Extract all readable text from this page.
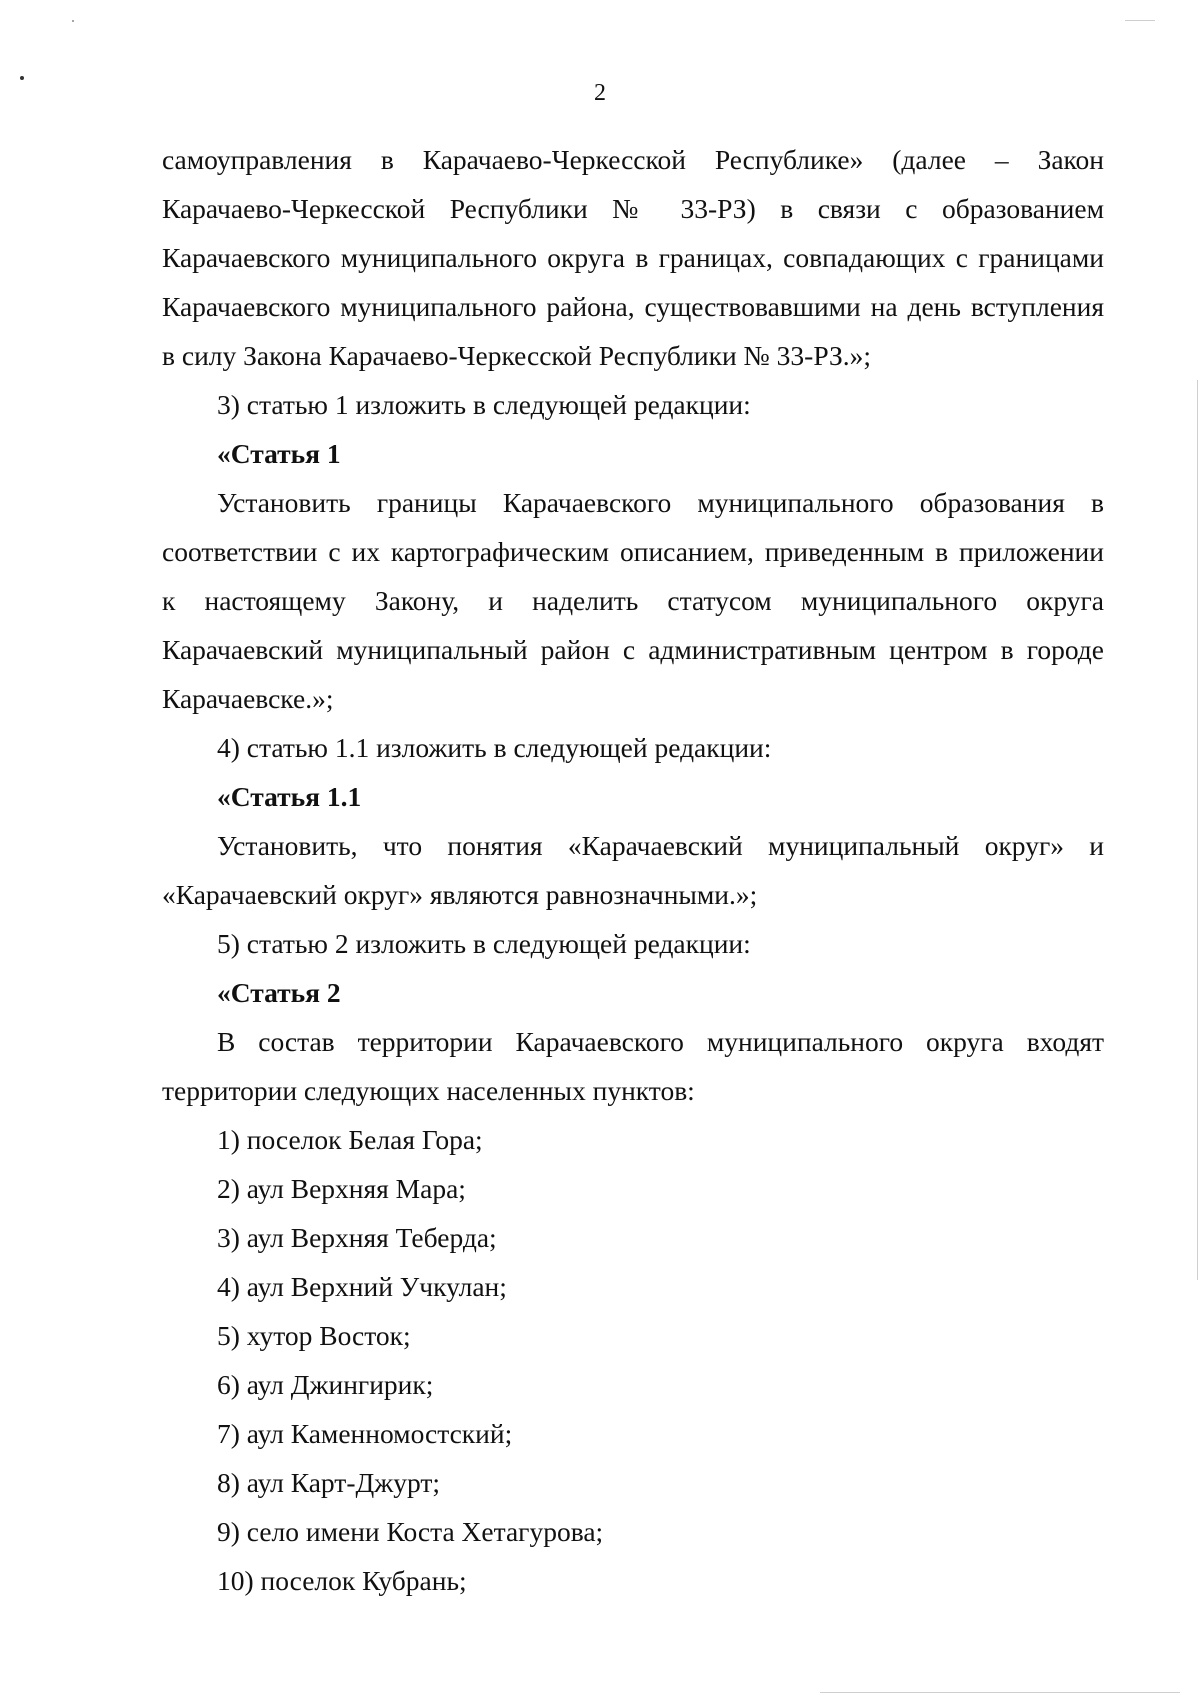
2
самоуправления в Карачаево-Черкесской Республике» (далее – Закон
Карачаево-Черкесской Республики № 33-РЗ) в связи с образованием
Карачаевского муниципального округа в границах, совпадающих с границами
Карачаевского муниципального района, существовавшими на день вступления
в силу Закона Карачаево-Черкесской Республики № 33-РЗ.»;
3) статью 1 изложить в следующей редакции:
«Статья 1
Установить границы Карачаевского муниципального образования в
соответствии с их картографическим описанием, приведенным в приложении
к настоящему Закону, и наделить статусом муниципального округа
Карачаевский муниципальный район с административным центром в городе
Карачаевске.»;
4) статью 1.1 изложить в следующей редакции:
«Статья 1.1
Установить, что понятия «Карачаевский муниципальный округ» и
«Карачаевский округ» являются равнозначными.»;
5) статью 2 изложить в следующей редакции:
«Статья 2
В состав территории Карачаевского муниципального округа входят
территории следующих населенных пунктов:
1) поселок Белая Гора;
2) аул Верхняя Мара;
3) аул Верхняя Теберда;
4) аул Верхний Учкулан;
5) хутор Восток;
6) аул Джингирик;
7) аул Каменномостский;
8) аул Карт-Джурт;
9) село имени Коста Хетагурова;
10) поселок Кубрань;
